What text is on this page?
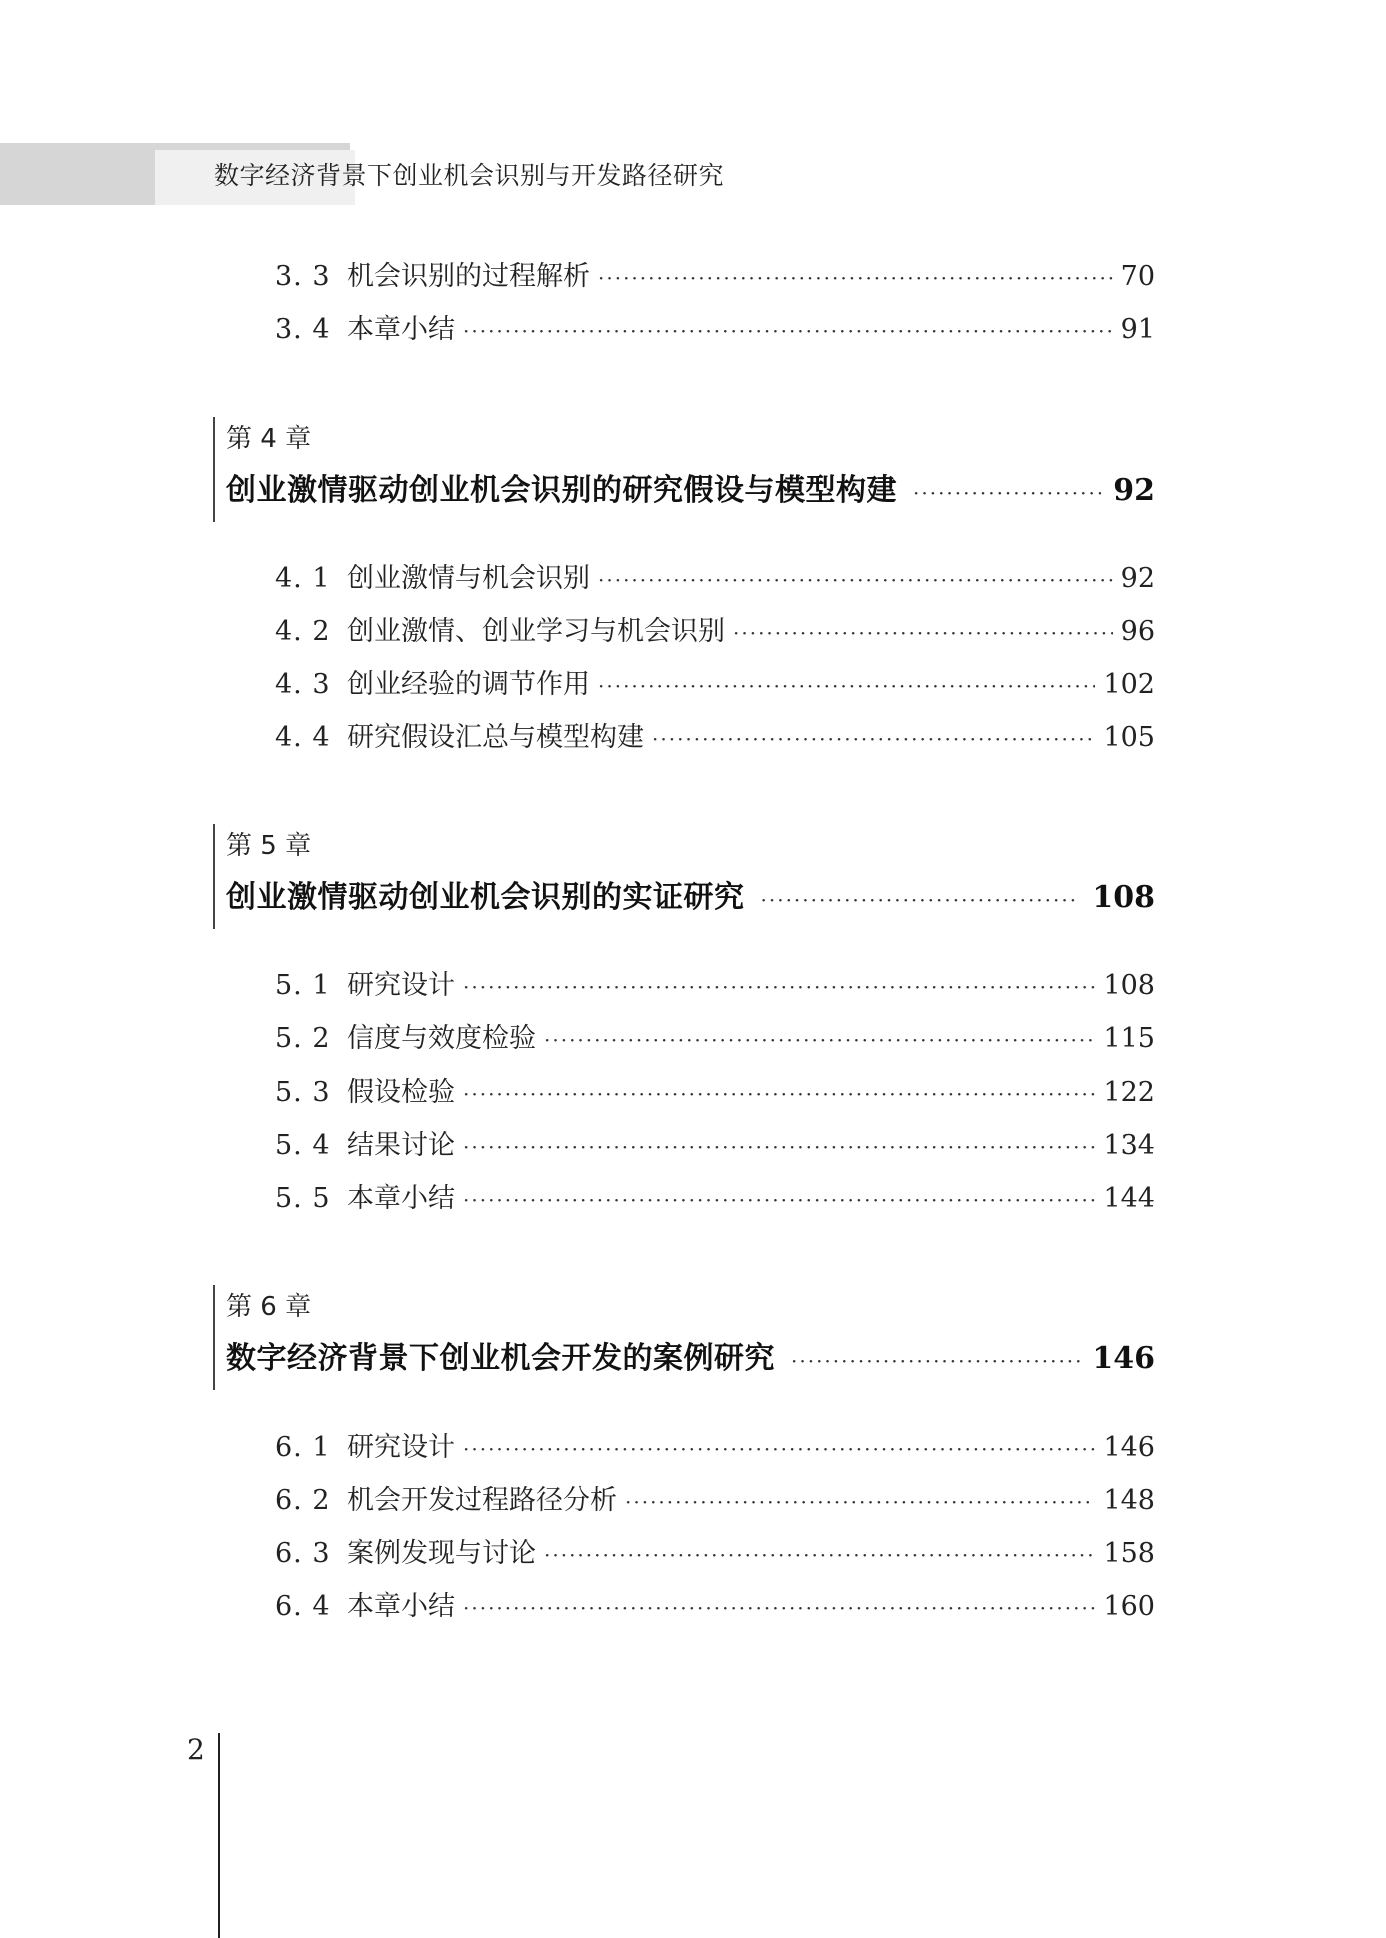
数字经济背景下创业机会识别与开发路径研究
3. 3 机会识别的过程解析 ·····	70
3. 4 本章小结 ·····	91
第 4 章
创业激情驱动创业机会识别的研究假设与模型构建 ·····	92
4. 1 创业激情与机会识别 ·····	92
4. 2 创业激情、创业学习与机会识别 ·····	96
4. 3 创业经验的调节作用 ·····	102
4. 4 研究假设汇总与模型构建 ·····	105
第 5 章
创业激情驱动创业机会识别的实证研究 ·····	108
5. 1 研究设计 ·····	108
5. 2 信度与效度检验 ·····	115
5. 3 假设检验 ·····	122
5. 4 结果讨论 ·····	134
5. 5 本章小结 ·····	144
第 6 章
数字经济背景下创业机会开发的案例研究 ·····	146
6. 1 研究设计 ·····	146
6. 2 机会开发过程路径分析 ·····	148
6. 3 案例发现与讨论 ·····	158
6. 4 本章小结 ·····	160
2
